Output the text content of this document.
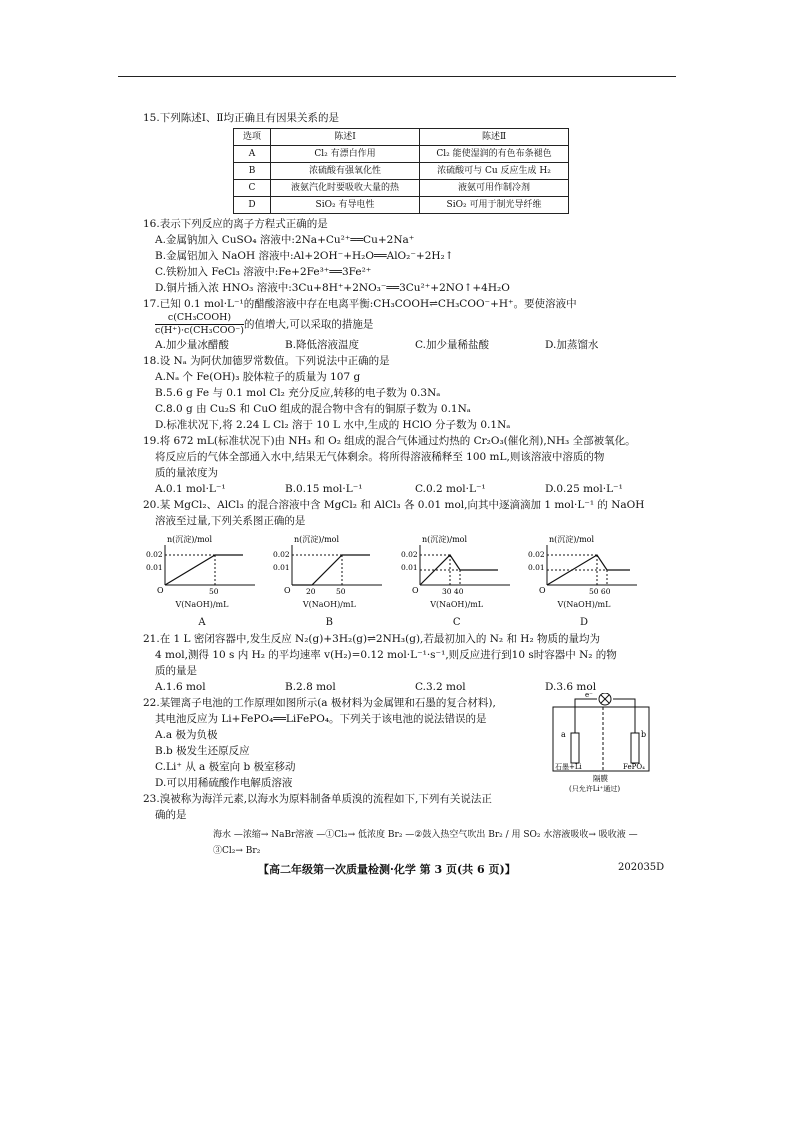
15.下列陈述Ⅰ、Ⅱ均正确且有因果关系的是

选项	陈述Ⅰ	陈述Ⅱ
A	Cl₂ 有漂白作用	Cl₂ 能使湿润的有色布条褪色
B	浓硫酸有强氧化性	浓硫酸可与 Cu 反应生成 H₂
C	液氨汽化时要吸收大量的热	液氨可用作制冷剂
D	SiO₂ 有导电性	SiO₂ 可用于制光导纤维

16.表示下列反应的离子方程式正确的是

A.金属钠加入 CuSO₄ 溶液中:2Na+Cu²⁺══Cu+2Na⁺
B.金属铝加入 NaOH 溶液中:Al+2OH⁻+H₂O══AlO₂⁻+2H₂↑
C.铁粉加入 FeCl₃ 溶液中:Fe+2Fe³⁺══3Fe²⁺
D.铜片插入浓 HNO₃ 溶液中:3Cu+8H⁺+2NO₃⁻══3Cu²⁺+2NO↑+4H₂O

17.已知 0.1 mol·L⁻¹的醋酸溶液中存在电离平衡:CH₃COOH⇌CH₃COO⁻+H⁺。要使溶液中

$\frac{\text{c(CH₃COOH)}}{\text{c(H⁺)·c(CH₃COO⁻)}}$ 的值增大,可以采取的措施是
A.加少量冰醋酸	B.降低溶液温度	C.加少量稀盐酸	D.加蒸馏水

18.设 Nₐ 为阿伏加德罗常数值。下列说法中正确的是

A.Nₐ 个 Fe(OH)₃ 胶体粒子的质量为 107 g
B.5.6 g Fe 与 0.1 mol Cl₂ 充分反应,转移的电子数为 0.3Nₐ
C.8.0 g 由 Cu₂S 和 CuO 组成的混合物中含有的铜原子数为 0.1Nₐ
D.标准状况下,将 2.24 L Cl₂ 溶于 10 L 水中,生成的 HClO 分子数为 0.1Nₐ

19.将 672 mL(标准状况下)由 NH₃ 和 O₂ 组成的混合气体通过灼热的 Cr₂O₃(催化剂),NH₃ 全部被氧化。

将反应后的气体全部通入水中,结果无气体剩余。将所得溶液稀释至 100 mL,则该溶液中溶质的物
质的量浓度为
A.0.1 mol·L⁻¹	B.0.15 mol·L⁻¹	C.0.2 mol·L⁻¹	D.0.25 mol·L⁻¹

20.某 MgCl₂、AlCl₃ 的混合溶液中含 MgCl₂ 和 AlCl₃ 各 0.01 mol,向其中逐滴滴加 1 mol·L⁻¹ 的 NaOH

溶液至过量,下列关系图正确的是
n(沉淀)/mol
0.02
0.01
O	50
V(NaOH)/mL
A
n(沉淀)/mol
0.02
0.01
O 20	50
V(NaOH)/mL
B
n(沉淀)/mol
0.02
0.01
O	30 40
V(NaOH)/mL
C
n(沉淀)/mol
0.02
0.01
O	50 60
V(NaOH)/mL
D

21.在 1 L 密闭容器中,发生反应 N₂(g)+3H₂(g)⇌2NH₃(g),若最初加入的 N₂ 和 H₂ 物质的量均为

4 mol,测得 10 s 内 H₂ 的平均速率 v(H₂)=0.12 mol·L⁻¹·s⁻¹,则反应进行到10 s时容器中 N₂ 的物
质的量是
A.1.6 mol	B.2.8 mol	C.3.2 mol	D.3.6 mol

22.某锂离子电池的工作原理如图所示(a 极材料为金属锂和石墨的复合材料),

其电池反应为 Li+FePO₄══LiFePO₄。下列关于该电池的说法错误的是
A.a 极为负极
B.b 极发生还原反应
C.Li⁺ 从 a 极室向 b 极室移动
D.可以用稀硫酸作电解质溶液
e⁻
a	b
石墨+Li	FePO₄
隔膜
(只允许Li⁺通过)

23.溴被称为海洋元素,以海水为原料制备单质溴的流程如下,下列有关说法正

确的是
海水 —浓缩→ NaBr溶液 —①Cl₂→ 低浓度 Br₂ —②鼓入热空气吹出 Br₂ / 用 SO₂ 水溶液吸收→ 吸收液 —③Cl₂→ Br₂
【高二年级第一次质量检测·化学 第 3 页(共 6 页)】	202035D
